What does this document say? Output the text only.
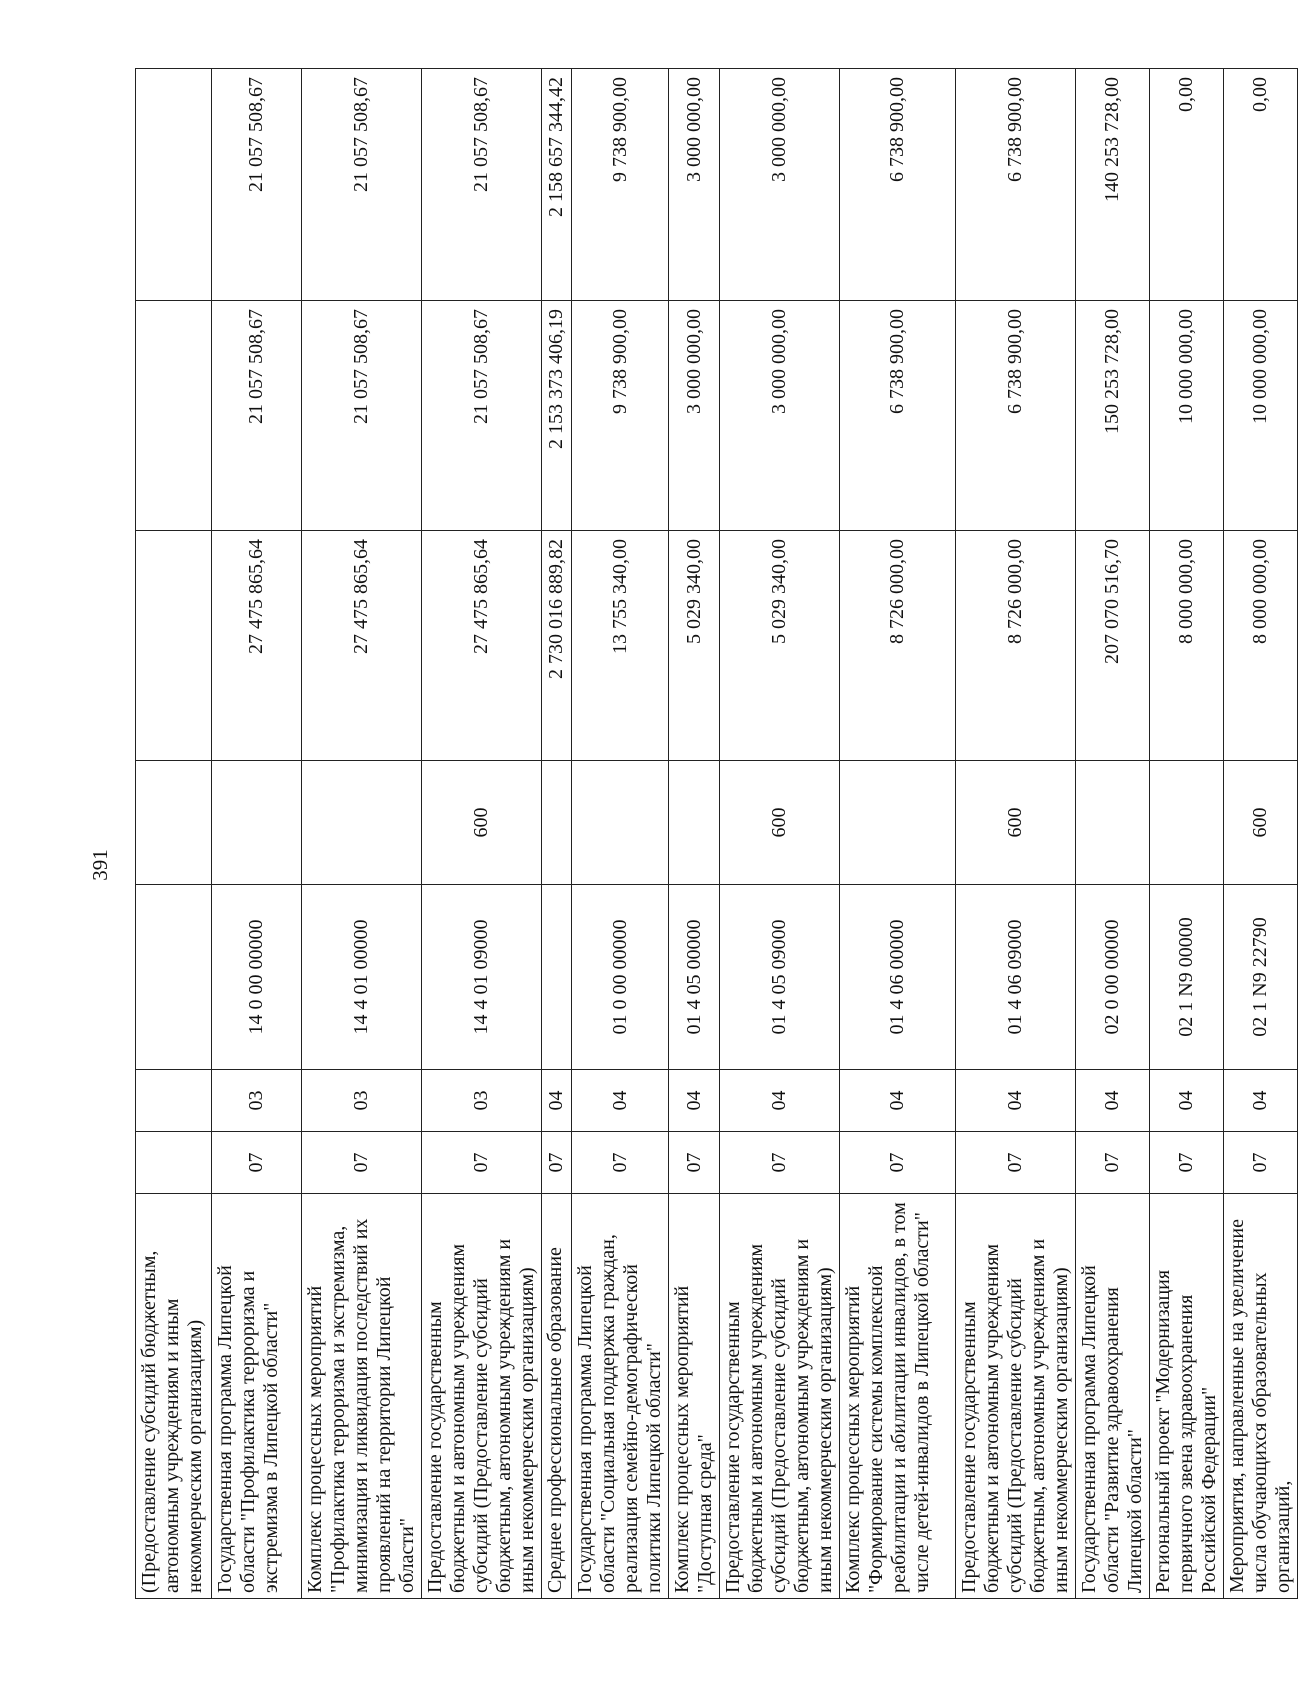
391
(Предоставление субсидий бюджетным, автономным учреждениям и иным некоммерческим организациям)							
Государственная программа Липецкой области "Профилактика терроризма и экстремизма в Липецкой области"	07	03	14 0 00 00000		27 475 865,64	21 057 508,67	21 057 508,67
Комплекс процессных мероприятий "Профилактика терроризма и экстремизма, минимизация и ликвидация последствий их проявлений на территории Липецкой области"	07	03	14 4 01 00000		27 475 865,64	21 057 508,67	21 057 508,67
Предоставление государственным бюджетным и автономным учреждениям субсидий (Предоставление субсидий бюджетным, автономным учреждениям и иным некоммерческим организациям)	07	03	14 4 01 09000	600	27 475 865,64	21 057 508,67	21 057 508,67
Среднее профессиональное образование	07	04			2 730 016 889,82	2 153 373 406,19	2 158 657 344,42
Государственная программа Липецкой области "Социальная поддержка граждан, реализация семейно-демографической политики Липецкой области"	07	04	01 0 00 00000		13 755 340,00	9 738 900,00	9 738 900,00
Комплекс процессных мероприятий "Доступная среда"	07	04	01 4 05 00000		5 029 340,00	3 000 000,00	3 000 000,00
Предоставление государственным бюджетным и автономным учреждениям субсидий (Предоставление субсидий бюджетным, автономным учреждениям и иным некоммерческим организациям)	07	04	01 4 05 09000	600	5 029 340,00	3 000 000,00	3 000 000,00
Комплекс процессных мероприятий "Формирование системы комплексной реабилитации и абилитации инвалидов, в том числе детей-инвалидов в Липецкой области"	07	04	01 4 06 00000		8 726 000,00	6 738 900,00	6 738 900,00
Предоставление государственным бюджетным и автономным учреждениям субсидий (Предоставление субсидий бюджетным, автономным учреждениям и иным некоммерческим организациям)	07	04	01 4 06 09000	600	8 726 000,00	6 738 900,00	6 738 900,00
Государственная программа Липецкой области "Развитие здравоохранения Липецкой области"	07	04	02 0 00 00000		207 070 516,70	150 253 728,00	140 253 728,00
Региональный проект "Модернизация первичного звена здравоохранения Российской Федерации"	07	04	02 1 N9 00000		8 000 000,00	10 000 000,00	0,00
Мероприятия, направленные на увеличение числа обучающихся образовательных организаций,	07	04	02 1 N9 22790	600	8 000 000,00	10 000 000,00	0,00
